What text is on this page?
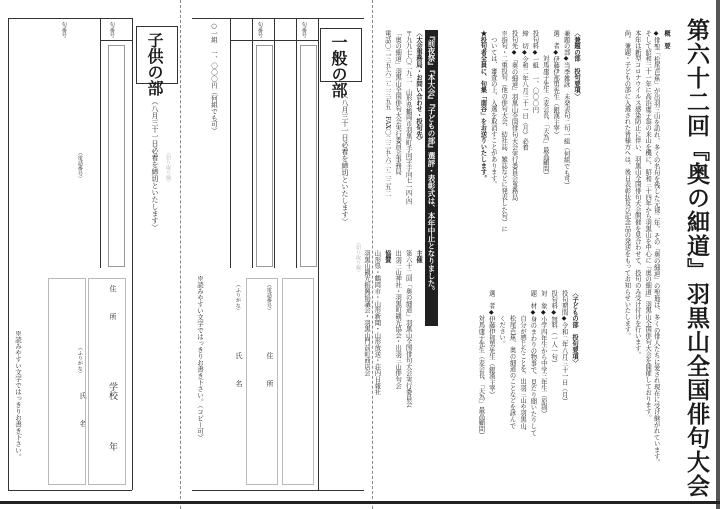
第六十二回『奥の細道』羽黒山全国俳句大会

概　要

◆俳聖「松尾芭蕉」が出羽三山を訪れ、多くの名句を残した元禄二年、その『奥の細道』の聖地は、多くの俳人たちに愛され現在に受け継がれています。そして昭和三十一年に高浜虚子翁の来山を機に、昭和三十四年から羽黒山を中心に『奥の細道』羽黒山全国俳句大会を開催しております。

本年は新型コロナウイルス感染防止に伴い、羽黒山全国俳句大会開催を見合わせて、投句のみ受け付けを行います。

尚、兼題・子どもの部に入選された皆様方へは、後日表彰状及び記念品の発送をもってお知らせいたします。

〈子どもの部　投句要項〉

投句期間◆令和二年八月三十一日（月）

投句料◆無料（一人一句）

対　象◆小学四年生から中学三年生（原則）

題　材◆身のまわりの物事で、見たり聞いたりして

　　　　自分が感じたことを、出羽三山や羽黒山、

　　　　松尾芭蕉、奥の細道のことなどを詠んで

　　　　ください。

選　者◆伊藤伊那男先生（銀漢主宰）

　　　　対馬康子先生（麦会長、「天為」最高顧問）

〈兼題の部　投句要項〉

兼題の部◆当季雑詠　未発表句二句一組（何組でも可）

選　者◆伊藤伊那男先生（銀漢主宰）

　　　　対馬康子先生（麦会長、「天為」最高顧問）

投句料◆一組　一、〇〇〇円

締　切◆令和二年八月三十一日（月）必着

投句先◆『奥の細道』羽黒山全国俳句大会実行委員会事務局

※指句・二重投句（他の俳句大会、結社誌、雑誌などに発表した句）に

　ついては、審査の上、入選を取消すことがあります。

★投句者全員に、句集「南谷」をお送りいたします。

『前夜祭』『本大会』『子どもの部』選評・表彰式は、本年中止となりました。

〈大会事務局・お問い合わせ・投句先〉

〒九九七-〇二九二　山形県鶴岡市羽黒町手向字手向七一四-四

「奥の細道」羽黒山全国俳句大会実行委員会事務局

電話〇二三五-六二-二三五五　FAX〇二三五-六二-二三五二

主催

第六十二回「奥の細道」羽黒山全国俳句大会実行委員会

出羽三山神社・羽黒町観光協会・出羽三山俳句会

協賛

山形県・鶴岡市・山形新聞・山形放送・荘内日報社

羽黒山観光振興協議会・羽黒山門前町商店会

一般の部
（八月三十一日必着を締切といたします）
句番号
句番号
○一組　一、〇〇〇円（何組でも可）
（電話番号）
住　　　所
（ふりがな）
氏　　　名
※読みやすい文字ではっきりお書き下さい。（コピー可）
（切り取り線）
（切り取り線）
子供の部
（八月三十一日必着を締切といたします）
句番号
句番号
（電話番号）
住　　　所
（ふりがな）
氏　　　名
学校
年
※読みやすい文字ではっきりお書き下さい。
